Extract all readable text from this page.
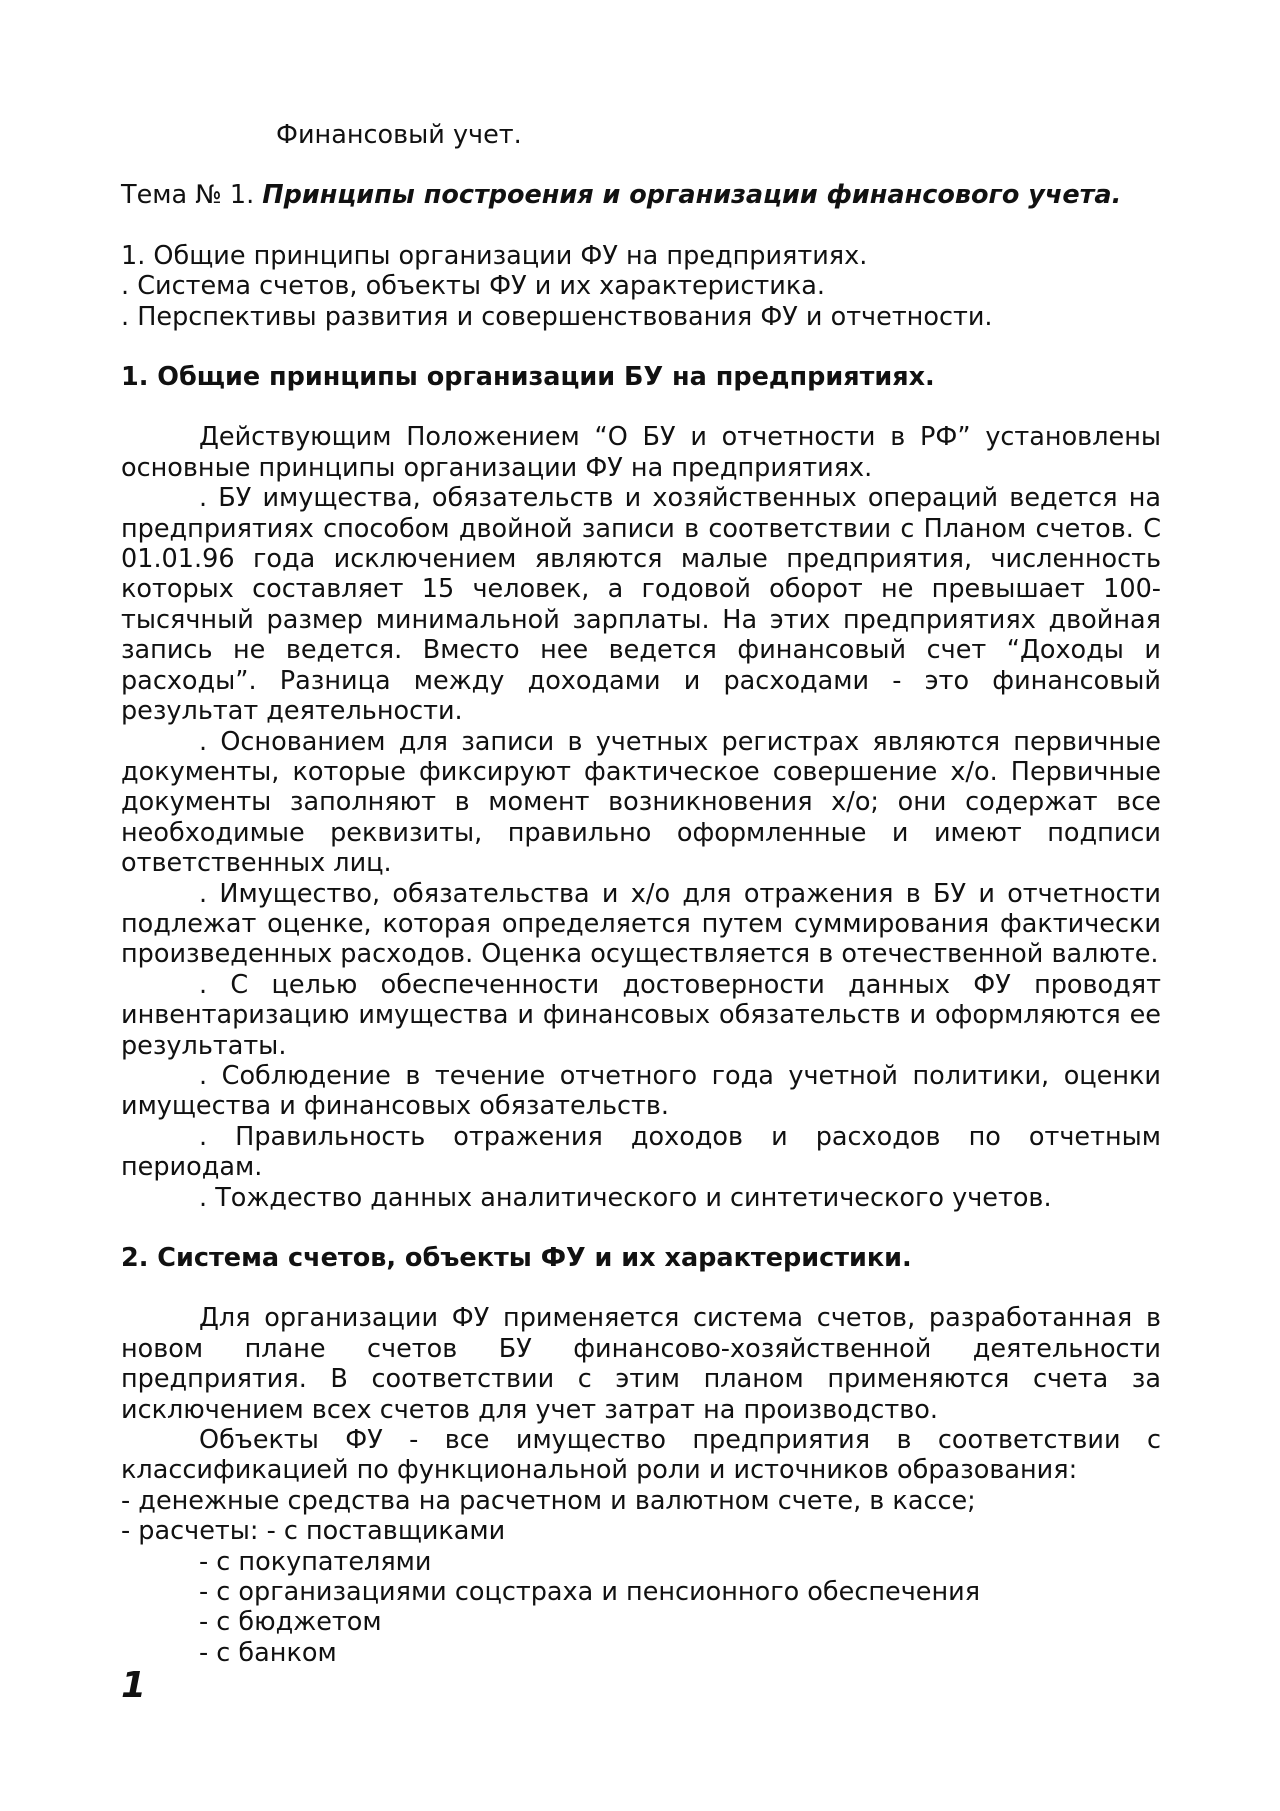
Финансовый учет.

Тема № 1. Принципы построения и организации финансового учета.

1. Общие принципы организации ФУ на предприятиях.

. Система счетов, объекты ФУ и их характеристика.

. Перспективы развития и совершенствования ФУ и отчетности.

1. Общие принципы организации БУ на предприятиях.

Действующим Положением “О БУ и отчетности в РФ” установлены основные принципы организации ФУ на предприятиях.

. БУ имущества, обязательств и хозяйственных операций ведется на предприятиях способом двойной записи в соответствии с Планом счетов. С 01.01.96 года исключением являются малые предприятия, численность которых составляет 15 человек, а годовой оборот не превышает 100-тысячный размер минимальной зарплаты. На этих предприятиях двойная запись не ведется. Вместо нее ведется финансовый счет “Доходы и расходы”. Разница между доходами и расходами - это финансовый результат деятельности.

. Основанием для записи в учетных регистрах являются первичные документы, которые фиксируют фактическое совершение х/о. Первичные документы заполняют в момент возникновения х/о; они содержат все необходимые реквизиты, правильно оформленные и имеют подписи ответственных лиц.

. Имущество, обязательства и х/о для отражения в БУ и отчетности подлежат оценке, которая определяется путем суммирования фактически произведенных расходов. Оценка осуществляется в отечественной валюте.

. С целью обеспеченности достоверности данных ФУ проводят инвентаризацию имущества и финансовых обязательств и оформляются ее результаты.

. Соблюдение в течение отчетного года учетной политики, оценки имущества и финансовых обязательств.

. Правильность отражения доходов и расходов по отчетным периодам.

. Тождество данных аналитического и синтетического учетов.

2. Система счетов, объекты ФУ и их характеристики.

Для организации ФУ применяется система счетов, разработанная в новом плане счетов БУ финансово-хозяйственной деятельности предприятия. В соответствии с этим планом применяются счета за исключением всех счетов для учет затрат на производство.

Объекты ФУ - все имущество предприятия в соответствии с классификацией по функциональной роли и источников образования:

- денежные средства на расчетном и валютном счете, в кассе;

- расчеты: - с поставщиками

- с покупателями

- с организациями соцстраха и пенсионного обеспечения

- с бюджетом

- с банком

1
